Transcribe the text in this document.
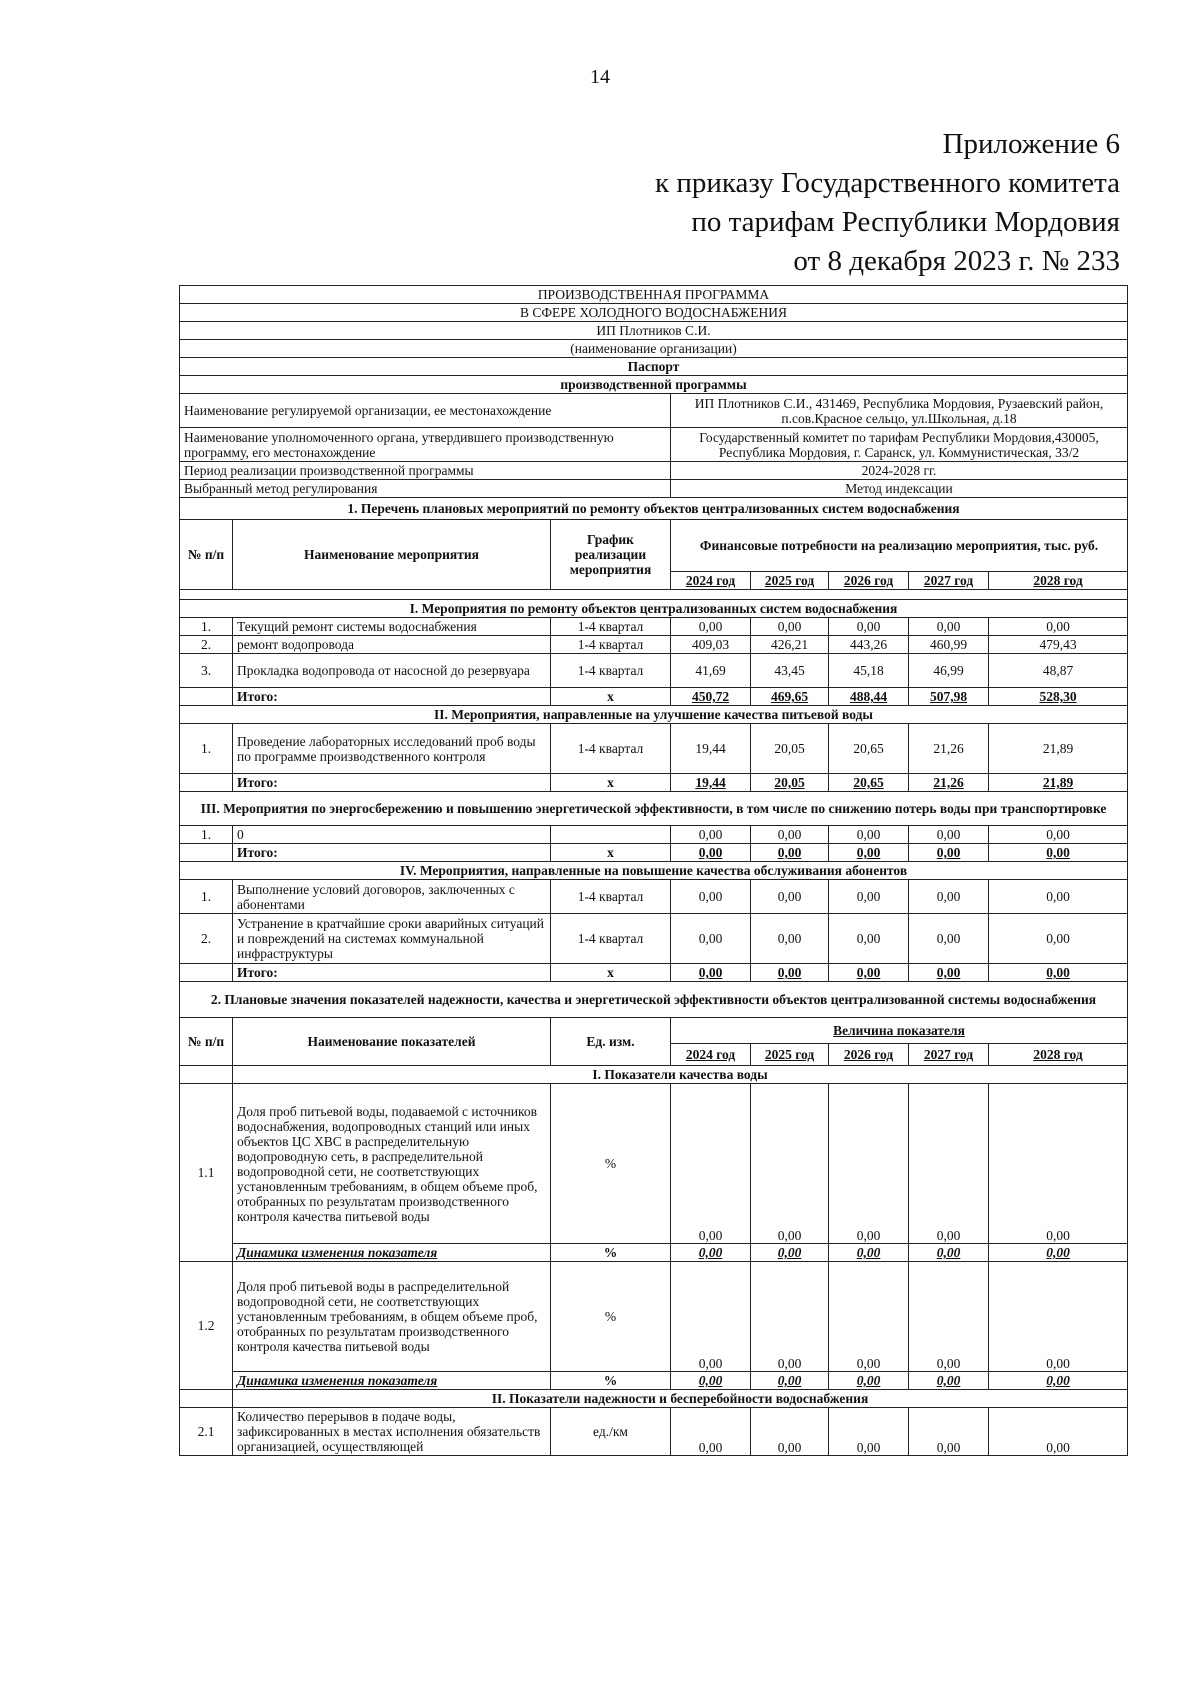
14
Приложение 6
к приказу Государственного комитета
по тарифам Республики Мордовия
от 8 декабря 2023 г. № 233
ПРОИЗВОДСТВЕННАЯ ПРОГРАММА							
В СФЕРЕ ХОЛОДНОГО ВОДОСНАБЖЕНИЯ							
ИП Плотников С.И.							
(наименование организации)							
Паспорт							
производственной программы							
Наименование регулируемой организации, ее местонахождение			ИП Плотников С.И., 431469, Республика Мордовия, Рузаевский район, п.сов.Красное сельцо, ул.Школьная, д.18				
Наименование уполномоченного органа, утвердившего производственную программу, его местонахождение			Государственный комитет по тарифам Республики Мордовия,430005, Республика Мордовия, г. Саранск, ул. Коммунистическая, 33/2				
Период реализации производственной программы			2024-2028 гг.				
Выбранный метод регулирования			Метод индексации				
1. Перечень плановых мероприятий по ремонту объектов централизованных систем водоснабжения							
№ п/п	Наименование мероприятия	График реализации мероприятия	Финансовые потребности на реализацию мероприятия, тыс. руб.				
			2024 год	2025 год	2026 год	2027 год	2028 год

I. Мероприятия по ремонту объектов централизованных систем водоснабжения							
1.	Текущий ремонт системы водоснабжения	1-4 квартал	0,00	0,00	0,00	0,00	0,00
2.	ремонт водопровода	1-4 квартал	409,03	426,21	443,26	460,99	479,43
3.	Прокладка водопровода от насосной до резервуара	1-4 квартал	41,69	43,45	45,18	46,99	48,87
	Итого:	х	450,72	469,65	488,44	507,98	528,30
II. Мероприятия, направленные на улучшение качества питьевой воды							
1.	Проведение лабораторных исследований проб воды по программе производственного контроля	1-4 квартал	19,44	20,05	20,65	21,26	21,89
	Итого:	х	19,44	20,05	20,65	21,26	21,89
III. Мероприятия по энергосбережению и повышению энергетической эффективности, в том числе по снижению потерь воды при транспортировке							
1.	0		0,00	0,00	0,00	0,00	0,00
	Итого:	х	0,00	0,00	0,00	0,00	0,00
IV. Мероприятия, направленные на повышение качества обслуживания абонентов							
1.	Выполнение условий договоров, заключенных с абонентами	1-4 квартал	0,00	0,00	0,00	0,00	0,00
2.	Устранение в кратчайшие сроки аварийных ситуаций и повреждений на системах коммунальной инфраструктуры	1-4 квартал	0,00	0,00	0,00	0,00	0,00
	Итого:	х	0,00	0,00	0,00	0,00	0,00
2. Плановые значения показателей надежности, качества и энергетической эффективности объектов централизованной системы водоснабжения							
№ п/п	Наименование показателей	Ед. изм.	Величина показателя				
			2024 год	2025 год	2026 год	2027 год	2028 год
	I. Показатели качества воды						
1.1	Доля проб питьевой воды, подаваемой с источников водоснабжения, водопроводных станций или иных объектов ЦС ХВС в распределительную водопроводную сеть, в распределительной водопроводной сети, не соответствующих установленным требованиям, в общем объеме проб, отобранных по результатам производственного контроля качества питьевой воды	%	0,00	0,00	0,00	0,00	0,00
	Динамика изменения показателя	%	0,00	0,00	0,00	0,00	0,00
1.2	Доля проб питьевой воды в распределительной водопроводной сети, не соответствующих установленным требованиям, в общем объеме проб, отобранных по результатам производственного контроля качества питьевой воды	%	0,00	0,00	0,00	0,00	0,00
	Динамика изменения показателя	%	0,00	0,00	0,00	0,00	0,00
	II. Показатели надежности и бесперебойности водоснабжения						
2.1	Количество перерывов в подаче воды, зафиксированных в местах исполнения обязательств организацией, осуществляющей	ед./км	0,00	0,00	0,00	0,00	0,00
